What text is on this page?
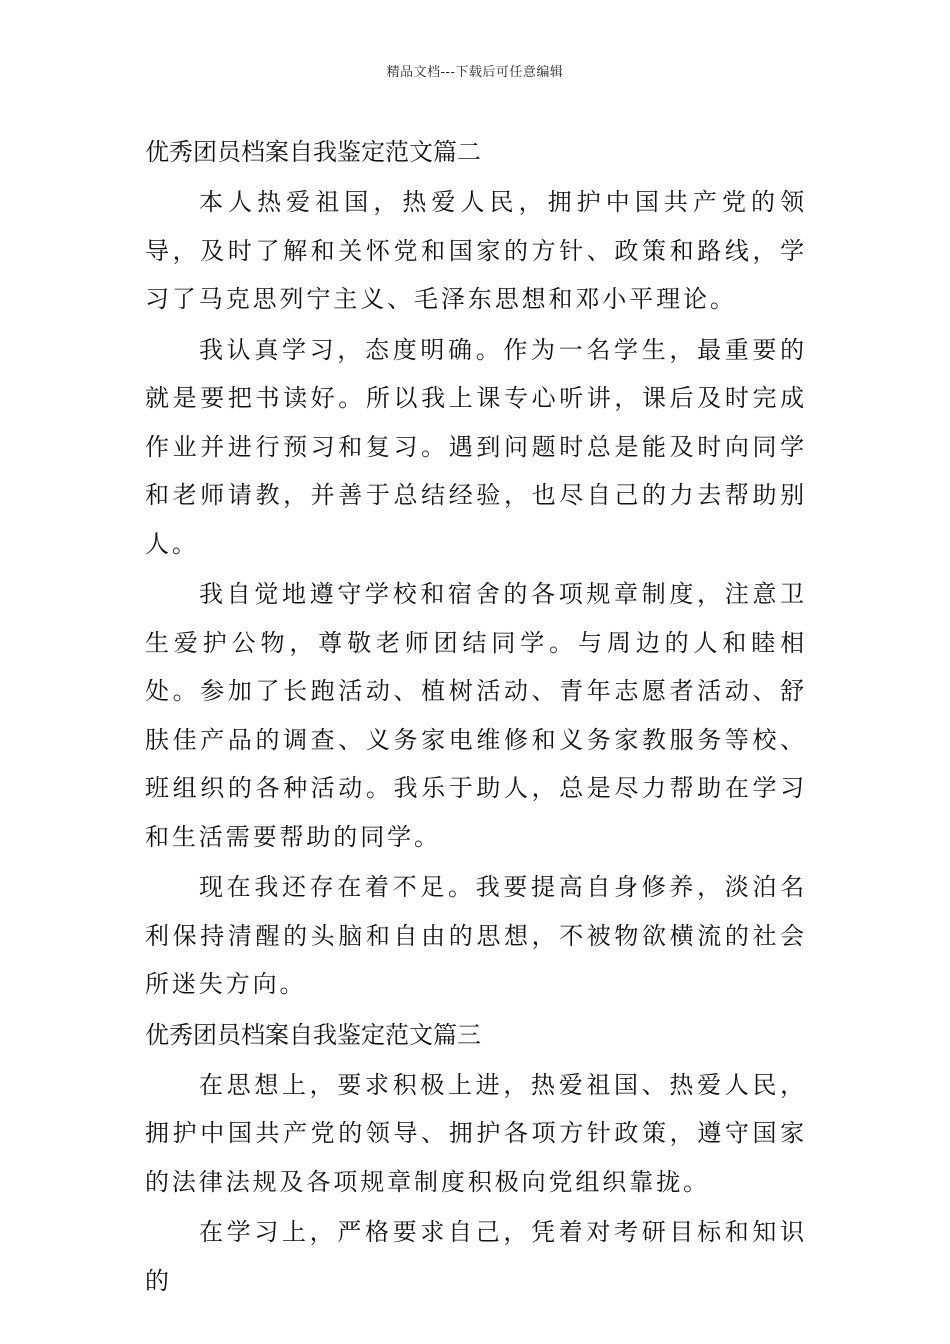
精品文档---下载后可任意编辑
优秀团员档案自我鉴定范文篇二

本人热爱祖国，热爱人民，拥护中国共产党的领导，及时了解和关怀党和国家的方针、政策和路线，学习了马克思列宁主义、毛泽东思想和邓小平理论。

我认真学习，态度明确。作为一名学生，最重要的就是要把书读好。所以我上课专心听讲，课后及时完成作业并进行预习和复习。遇到问题时总是能及时向同学和老师请教，并善于总结经验，也尽自己的力去帮助别人。

我自觉地遵守学校和宿舍的各项规章制度，注意卫生爱护公物，尊敬老师团结同学。与周边的人和睦相处。参加了长跑活动、植树活动、青年志愿者活动、舒肤佳产品的调查、义务家电维修和义务家教服务等校、班组织的各种活动。我乐于助人，总是尽力帮助在学习和生活需要帮助的同学。

现在我还存在着不足。我要提高自身修养，淡泊名利保持清醒的头脑和自由的思想，不被物欲横流的社会所迷失方向。

优秀团员档案自我鉴定范文篇三

在思想上，要求积极上进，热爱祖国、热爱人民，拥护中国共产党的领导、拥护各项方针政策，遵守国家的法律法规及各项规章制度积极向党组织靠拢。

在学习上，严格要求自己，凭着对考研目标和知识的
